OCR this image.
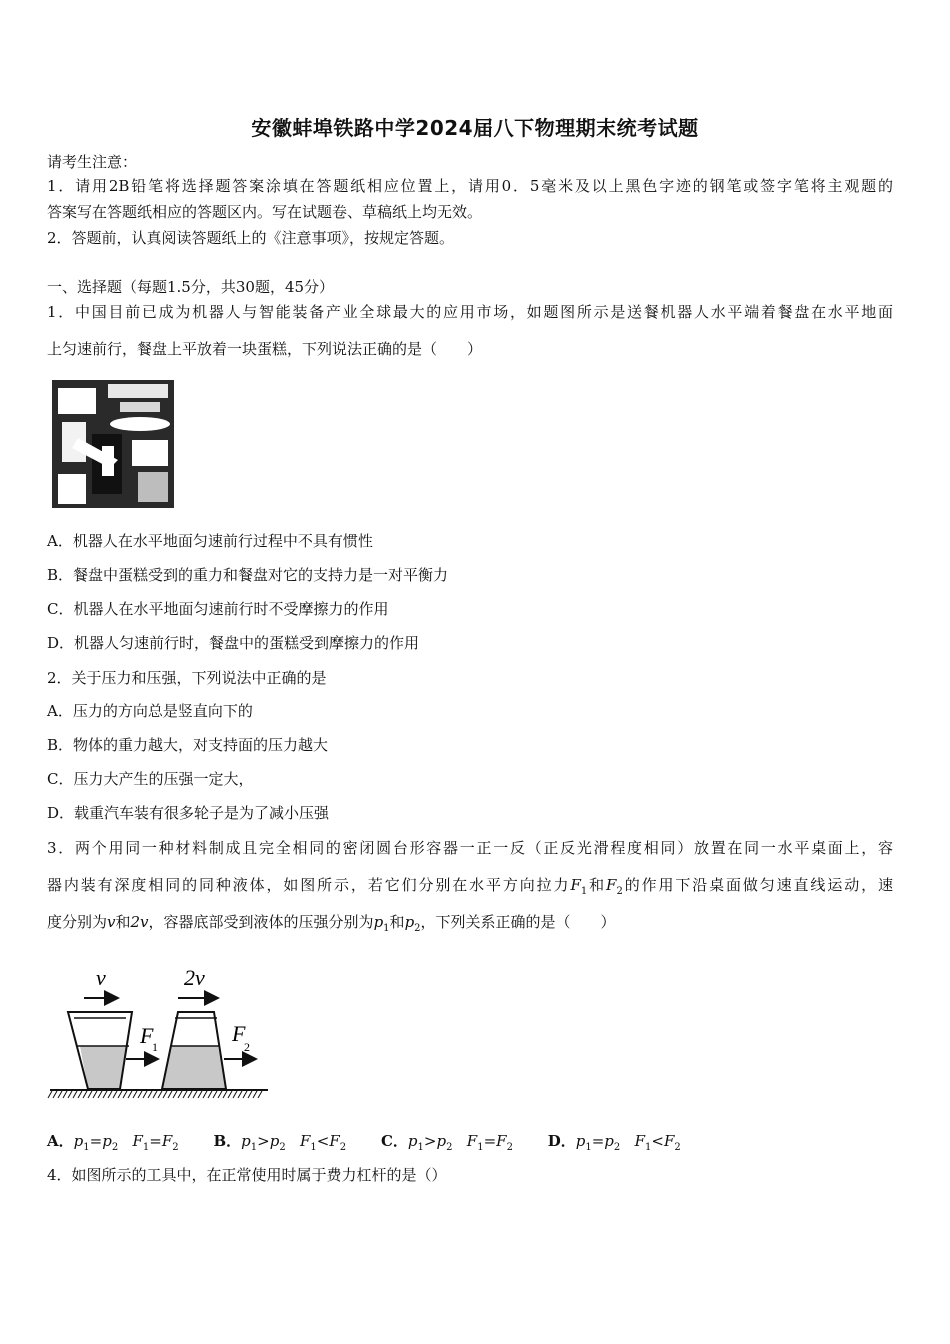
安徽蚌埠铁路中学2024届八下物理期末统考试题
请考生注意：
1．请用2B铅笔将选择题答案涂填在答题纸相应位置上，请用0．5毫米及以上黑色字迹的钢笔或签字笔将主观题的
答案写在答题纸相应的答题区内。写在试题卷、草稿纸上均无效。
2．答题前，认真阅读答题纸上的《注意事项》，按规定答题。
一、选择题（每题1.5分，共30题，45分）
1．中国目前已成为机器人与智能装备产业全球最大的应用市场，如题图所示是送餐机器人水平端着餐盘在水平地面
上匀速前行，餐盘上平放着一块蛋糕，下列说法正确的是（　　）
A．机器人在水平地面匀速前行过程中不具有惯性
B．餐盘中蛋糕受到的重力和餐盘对它的支持力是一对平衡力
C．机器人在水平地面匀速前行时不受摩擦力的作用
D．机器人匀速前行时，餐盘中的蛋糕受到摩擦力的作用
2．关于压力和压强，下列说法中正确的是
A．压力的方向总是竖直向下的
B．物体的重力越大，对支持面的压力越大
C．压力大产生的压强一定大，
D．载重汽车装有很多轮子是为了减小压强
3．两个用同一种材料制成且完全相同的密闭圆台形容器一正一反（正反光滑程度相同）放置在同一水平桌面上，容
器内装有深度相同的同种液体，如图所示，若它们分别在水平方向拉力$F_1$和$F_2$的作用下沿桌面做匀速直线运动，速
度分别为v和2v，容器底部受到液体的压强分别为$p_1$和$p_2$，下列关系正确的是（　　）
v	2v
F
1
F
2
A．$p_1=p_2$ $F_1=F_2$ B．$p_1>p_2$ $F_1<F_2$ C．$p_1>p_2$ $F_1=F_2$ D．$p_1=p_2$ $F_1<F_2$
4．如图所示的工具中，在正常使用时属于费力杠杆的是（）
